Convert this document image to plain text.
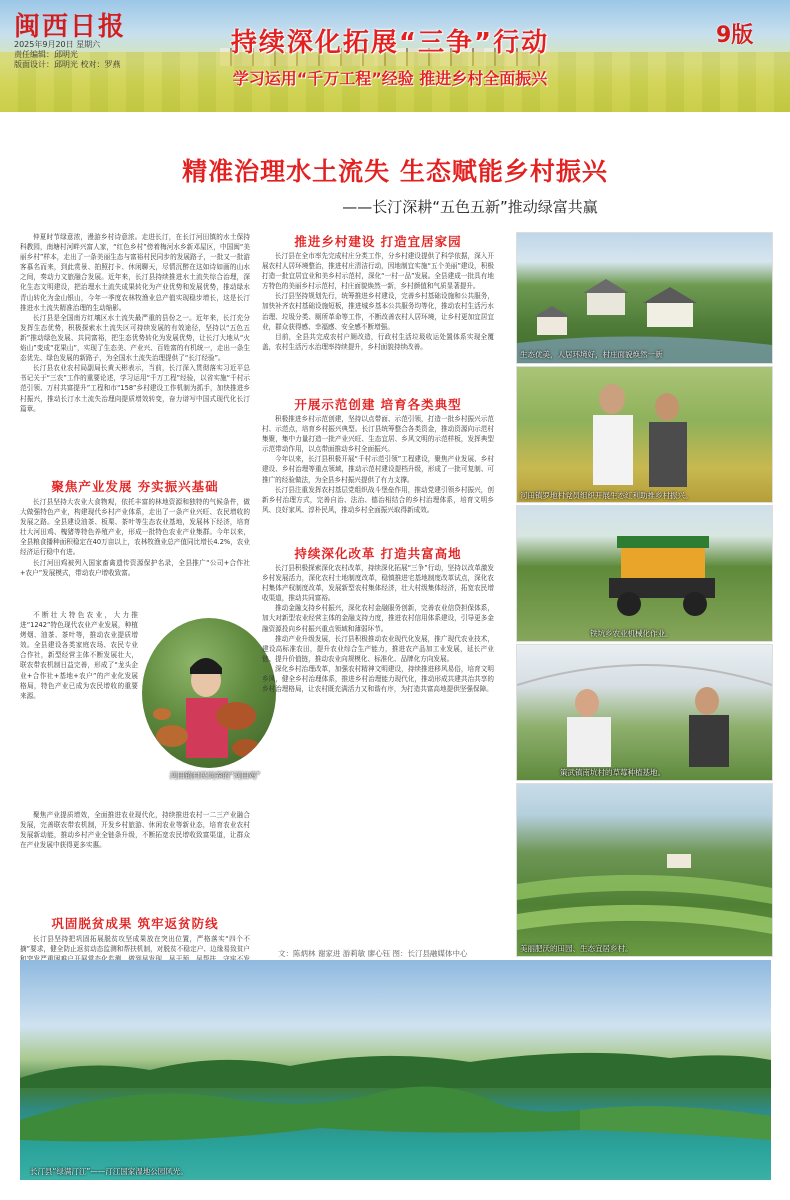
闽西日报
2025年9月20日 星期六
责任编辑：邱明光
版面设计：邱明光 校对：罗燕
持续深化拓展“三争”行动
学习运用“千万工程”经验 推进乡村全面振兴
9版
精准治理水土流失 生态赋能乡村振兴
——长汀深耕“五色五新”推动绿富共赢

仲夏时节绿意浓，漫游乡村诗意浓。走进长汀，在长汀河田镇的水土保持科教园，南塘村河畔兴富人家，“红色乡村”傍着梅河水乡新邓屋区，中国闽“美丽乡村”样本，走出了一条美丽生态与富裕村民同步的发展路子，一批又一批游客慕名而来，到此赏景、拍照打卡、休闲聊天，尽情沉醉在这如诗如画的山水之间，奏动力文旅融合发展。近年来，长汀县持续推进水土流失综合治理，深化生态文明建设，把治理水土流失成果转化为产业优势和发展优势，推动绿水青山转化为金山银山，今年一季度农林牧渔业总产值实现稳步增长，这是长汀推进水土流失精准治理的生动缩影。

长汀县是全国南方红壤区水土流失最严重的县份之一。近年来，长汀充分发挥生态优势，积极探索水土流失区可持续发展的有效途径，坚持以“五色五新”推动绿色发展、共同富裕，把生态优势转化为发展优势，让长汀大地从“火焰山”变成“花果山”，实现了生态美、产业兴、百姓富的有机统一，走出一条生态优先、绿色发展的新路子，为全国水土流失治理提供了“长汀经验”。

长汀县农业农村局副局长黄天彬表示，当前，长汀深入贯彻落实习近平总书记关于“三农”工作的重要论述，学习运用“千万工程”经验，以省实施“千村示范引领、万村共富提升”工程和市“158”乡村建设工作机制为抓手，加快推进乡村振兴，推动长汀水土流失治理向提质增效转变，奋力谱写中国式现代化长汀篇章。

聚焦产业发展 夯实振兴基础

长汀县坚持大农业大食物观，依托丰富的林地资源和独特的气候条件，做大做强特色产业，构建现代乡村产业体系，走出了一条产业兴旺、农民增收的发展之路。全县建设油茶、板栗、茶叶等生态农业基地，发展林下经济，培育壮大河田鸡、槐猪等特色养殖产业，形成一批特色农业产业集群。今年以来，全县粮食播种面积稳定在40万亩以上，农林牧渔业总产值同比增长4.2%，农业经济运行稳中有进。

长汀河田鸡被列入国家畜禽遗传资源保护名录，全县推广“公司+合作社+农户”发展模式，带动农户增收致富。

不断壮大特色农业，大力推进“1242”特色现代农业产业发展，种植烤烟、油茶、茶叶等，推动农业提质增效。全县建设各类家庭农场、农民专业合作社，新型经营主体不断发展壮大，联农带农机制日益完善，形成了“龙头企业+合作社+基地+农户”的产业化发展格局，特色产业已成为农民增收的重要来源。

河田镇村民饲养的“河田鸡”

聚焦产业提质增效，全面推进农业现代化，持续推进农村一二三产业融合发展，完善联农带农机制，开发乡村旅游、休闲农业等新业态，培育农业农村发展新动能，推动乡村产业全链条升级，不断拓宽农民增收致富渠道，让群众在产业发展中获得更多实惠。

巩固脱贫成果 筑牢返贫防线

长汀县坚持把巩固拓展脱贫攻坚成果放在突出位置，严格落实“四个不摘”要求，健全防止返贫动态监测和帮扶机制，对脱贫不稳定户、边缘易致贫户

推进乡村建设 打造宜居家园

长汀县在全市率先完成村庄分类工作，分乡村建设提供了科学依据，深入开展农村人居环境整治，推进村庄清洁行动，因地制宜实施“五个美丽”建设，积极打造一批宜居宜业和美乡村示范村，深化“一村一品”发展。全县建成一批具有地方特色的美丽乡村示范村，村庄面貌焕然一新，乡村颜值和气质显著提升。

长汀县坚持规划先行，统筹推进乡村建设，完善乡村基础设施和公共服务，加快补齐农村基础设施短板，推进城乡基本公共服务均等化，推动农村生活污水治理、垃圾分类、厕所革命等工作，不断改善农村人居环境，让乡村更加宜居宜业，群众获得感、幸福感、安全感不断增强。

目前，全县共完成农村户厕改造，行政村生活垃圾收运处置体系实现全覆盖，农村生活污水治理率持续提升，乡村面貌持续改善。

开展示范创建 培育各类典型

积极推进乡村示范创建，坚持以点带面、示范引领，打造一批乡村振兴示范村、示范点，培育乡村振兴典型。长汀县统筹整合各类资金，推动资源向示范村集聚，集中力量打造一批产业兴旺、生态宜居、乡风文明的示范样板，发挥典型示范带动作用，以点带面推动乡村全面振兴。

今年以来，长汀县积极开展“千村示范引领”工程建设，聚焦产业发展、乡村建设、乡村治理等重点领域，推动示范村建设提档升级，形成了一批可复制、可推广的经验做法，为全县乡村振兴提供了有力支撑。

长汀县注重发挥农村基层党组织战斗堡垒作用，推动党建引领乡村振兴，创新乡村治理方式，完善自治、法治、德治相结合的乡村治理体系，培育文明乡风、良好家风、淳朴民风，推动乡村全面振兴取得新成效。

持续深化改革 打造共富高地

长汀县积极探索深化农村改革，持续深化拓展“三争”行动，坚持以改革激发乡村发展活力，深化农村土地制度改革，稳慎推进宅基地制度改革试点，深化农村集体产权制度改革，发展新型农村集体经济，壮大村级集体经济，拓宽农民增收渠道，推动共同富裕。

推动金融支持乡村振兴，深化农村金融服务创新，完善农业信贷担保体系，加大对新型农业经营主体的金融支持力度，推进农村信用体系建设，引导更多金融资源投向乡村振兴重点领域和薄弱环节。

推动产业升级发展，长汀县积极推动农业现代化发展，推广现代农业技术，建设高标准农田，提升农业综合生产能力，推进农产品加工业发展，延长产业链、提升价值链，推动农业向规模化、标准化、品牌化方向发展。

深化乡村治理改革，加强农村精神文明建设，持续推进移风易俗，培育文明乡风，健全乡村治理体系，推进乡村治理能力现代化，推动形成共建共治共享的乡村治理格局，让农村既充满活力又和谐有序，为打造共富高地提供坚强保障。

文：陈炳林 谢家进 游莉敏 廖心钰 图：长汀县融媒体中心
生态优美，人居环境好，村庄面貌焕然一新
河田镇罗地村党员组织开展生态红利助推乡村振兴。
铁坑乡农业机械化作业。
策武镇南坑村的草莓种植基地。
美丽肥沃的田园、生态宜居乡村。
长汀县“绿满汀江”——汀江国家湿地公园风光。
